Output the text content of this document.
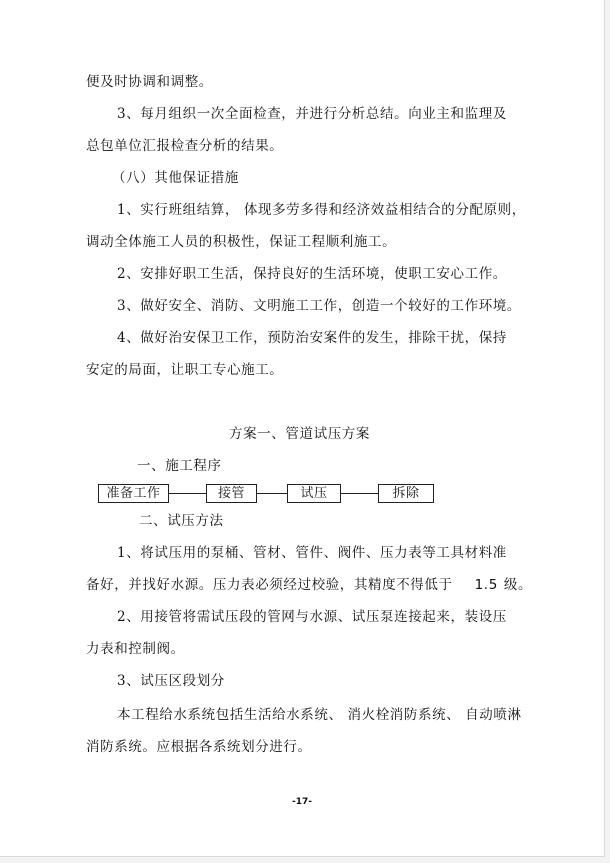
便及时协调和调整。
3、每月组织一次全面检查，并进行分析总结。向业主和监理及
总包单位汇报检查分析的结果。
（八）其他保证措施
1、实行班组结算， 体现多劳多得和经济效益相结合的分配原则，
调动全体施工人员的积极性，保证工程顺利施工。
2、安排好职工生活，保持良好的生活环境，使职工安心工作。
3、做好安全、消防、文明施工工作，创造一个较好的工作环境。
4、做好治安保卫工作，预防治安案件的发生，排除干扰，保持
安定的局面，让职工专心施工。
方案一、管道试压方案
一、施工程序
准备工作	接管	试压	拆除
二、试压方法
1、将试压用的泵桶、管材、管件、阀件、压力表等工具材料准
备好，并找好水源。压力表必须经过校验，其精度不得低于 1.5 级。
2、用接管将需试压段的管网与水源、试压泵连接起来，装设压
力表和控制阀。
3、试压区段划分
本工程给水系统包括生活给水系统、 消火栓消防系统、 自动喷淋
消防系统。应根据各系统划分进行。
-17-
